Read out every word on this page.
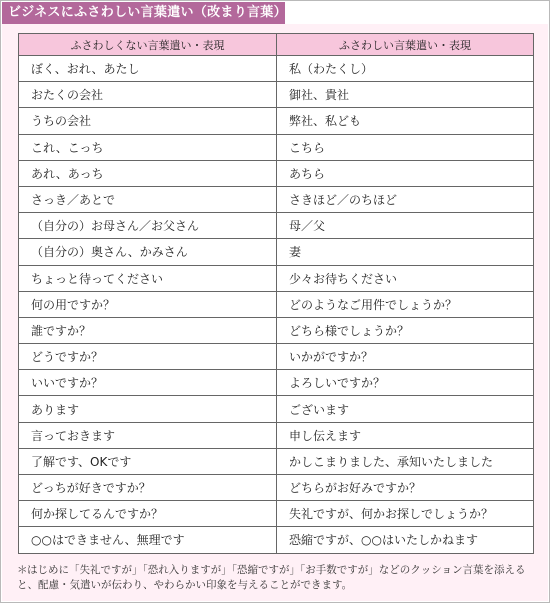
ビジネスにふさわしい言葉遣い（改まり言葉）
ふさわしくない言葉遣い・表現	ふさわしい言葉遣い・表現
ぼく、おれ、あたし	私（わたくし）
おたくの会社	御社、貴社
うちの会社	弊社、私ども
これ、こっち	こちら
あれ、あっち	あちら
さっき／あとで	さきほど／のちほど
（自分の）お母さん／お父さん	母／父
（自分の）奥さん、かみさん	妻
ちょっと待ってください	少々お待ちください
何の用ですか？	どのようなご用件でしょうか？
誰ですか？	どちら様でしょうか？
どうですか？	いかがですか？
いいですか？	よろしいですか？
あります	ございます
言っておきます	申し伝えます
了解です、OKです	かしこまりました、承知いたしました
どっちが好きですか？	どちらがお好みですか？
何か探してるんですか？	失礼ですが、何かお探しでしょうか？
○○はできません、無理です	恐縮ですが、○○はいたしかねます
＊はじめに「失礼ですが」「恐れ入りますが」「恐縮ですが」「お手数ですが」などのクッション言葉を添えると、配慮・気遣いが伝わり、やわらかい印象を与えることができます。
